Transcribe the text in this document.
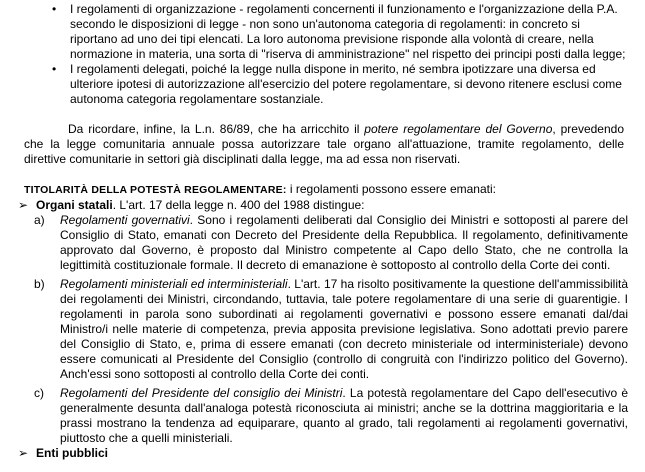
• I regolamenti di organizzazione - regolamenti concernenti il funzionamento e l'organizzazione della P.A. secondo le disposizioni di legge - non sono un'autonoma categoria di regolamenti: in concreto si riportano ad uno dei tipi elencati. La loro autonoma previsione risponde alla volontà di creare, nella normazione in materia, una sorta di "riserva di amministrazione" nel rispetto dei principi posti dalla legge;
• I regolamenti delegati, poiché la legge nulla dispone in merito, né sembra ipotizzare una diversa ed ulteriore ipotesi di autorizzazione all'esercizio del potere regolamentare, si devono ritenere esclusi come autonoma categoria regolamentare sostanziale.
Da ricordare, infine, la L.n. 86/89, che ha arricchito il potere regolamentare del Governo, prevedendo che la legge comunitaria annuale possa autorizzare tale organo all'attuazione, tramite regolamento, delle direttive comunitarie in settori già disciplinati dalla legge, ma ad essa non riservati.
TITOLARITÀ DELLA POTESTÀ REGOLAMENTARE: i regolamenti possono essere emanati:
➢ Organi statali. L'art. 17 della legge n. 400 del 1988 distingue:
a) Regolamenti governativi. Sono i regolamenti deliberati dal Consiglio dei Ministri e sottoposti al parere del Consiglio di Stato, emanati con Decreto del Presidente della Repubblica. Il regolamento, definitivamente approvato dal Governo, è proposto dal Ministro competente al Capo dello Stato, che ne controlla la legittimità costituzionale formale. Il decreto di emanazione è sottoposto al controllo della Corte dei conti.
b) Regolamenti ministeriali ed interministeriali. L'art. 17 ha risolto positivamente la questione dell'ammissibilità dei regolamenti dei Ministri, circondando, tuttavia, tale potere regolamentare di una serie di guarentigie. I regolamenti in parola sono subordinati ai regolamenti governativi e possono essere emanati dal/dai Ministro/i nelle materie di competenza, previa apposita previsione legislativa. Sono adottati previo parere del Consiglio di Stato, e, prima di essere emanati (con decreto ministeriale od interministeriale) devono essere comunicati al Presidente del Consiglio (controllo di congruità con l'indirizzo politico del Governo). Anch'essi sono sottoposti al controllo della Corte dei conti.
c) Regolamenti del Presidente del consiglio dei Ministri. La potestà regolamentare del Capo dell'esecutivo è generalmente desunta dall'analoga potestà riconosciuta ai ministri; anche se la dottrina maggioritaria e la prassi mostrano la tendenza ad equiparare, quanto al grado, tali regolamenti ai regolamenti governativi, piuttosto che a quelli ministeriali.
➢ Enti pubblici
